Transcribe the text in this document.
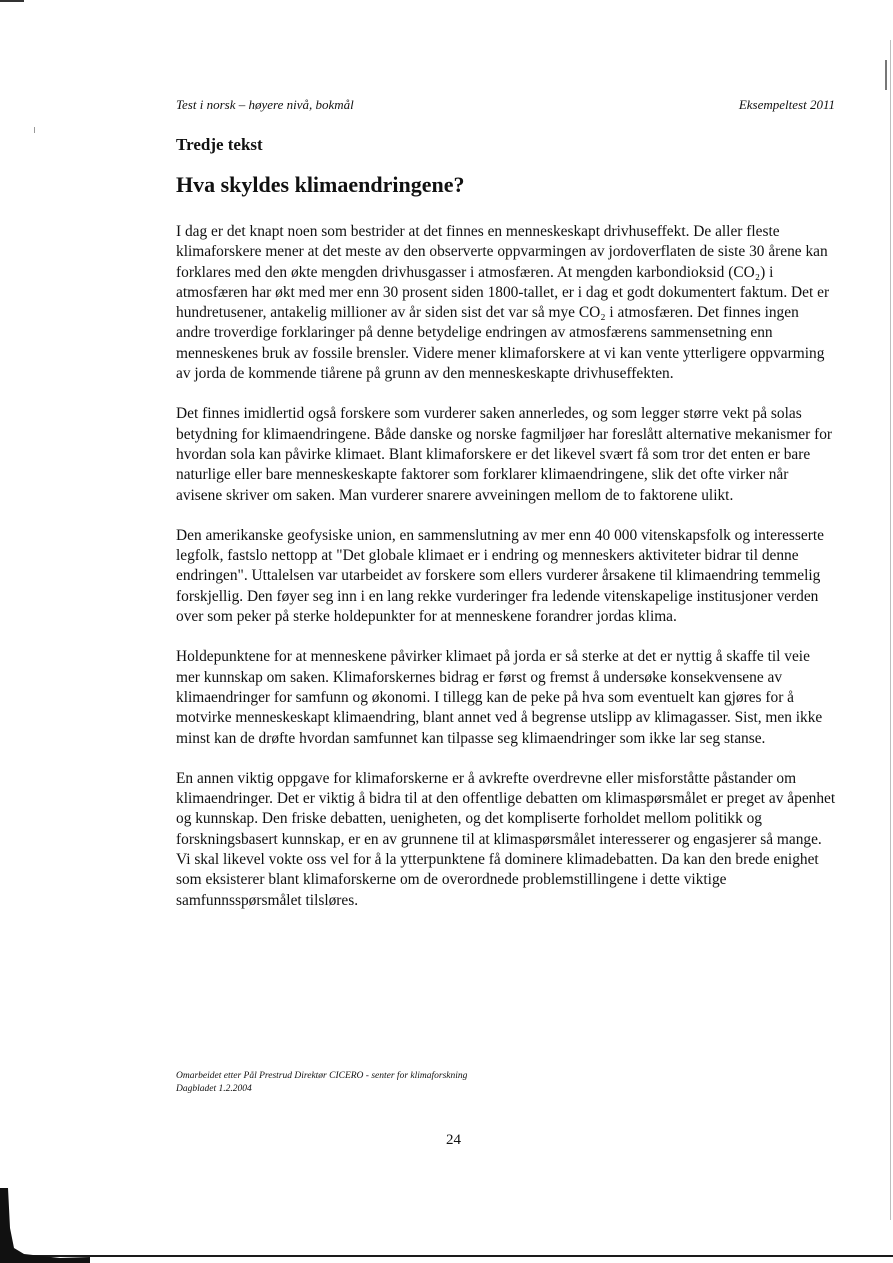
Test i norsk – høyere nivå, bokmål	Eksempeltest 2011
Tredje tekst
Hva skyldes klimaendringene?

I dag er det knapt noen som bestrider at det finnes en menneskeskapt drivhuseffekt. De aller fleste klimaforskere mener at det meste av den observerte oppvarmingen av jordoverflaten de siste 30 årene kan forklares med den økte mengden drivhusgasser i atmosfæren. At mengden karbondioksid (CO₂) i atmosfæren har økt med mer enn 30 prosent siden 1800-tallet, er i dag et godt dokumentert faktum. Det er hundretusener, antakelig millioner av år siden sist det var så mye CO₂ i atmosfæren. Det finnes ingen andre troverdige forklaringer på denne betydelige endringen av atmosfærens sammensetning enn menneskenes bruk av fossile brensler. Videre mener klimaforskere at vi kan vente ytterligere oppvarming av jorda de kommende tiårene på grunn av den menneskeskapte drivhuseffekten.

Det finnes imidlertid også forskere som vurderer saken annerledes, og som legger større vekt på solas betydning for klimaendringene. Både danske og norske fagmiljøer har foreslått alternative mekanismer for hvordan sola kan påvirke klimaet. Blant klimaforskere er det likevel svært få som tror det enten er bare naturlige eller bare menneskeskapte faktorer som forklarer klimaendringene, slik det ofte virker når avisene skriver om saken. Man vurderer snarere avveiningen mellom de to faktorene ulikt.

Den amerikanske geofysiske union, en sammenslutning av mer enn 40 000 vitenskapsfolk og interesserte legfolk, fastslo nettopp at "Det globale klimaet er i endring og menneskers aktiviteter bidrar til denne endringen". Uttalelsen var utarbeidet av forskere som ellers vurderer årsakene til klimaendring temmelig forskjellig. Den føyer seg inn i en lang rekke vurderinger fra ledende vitenskapelige institusjoner verden over som peker på sterke holdepunkter for at menneskene forandrer jordas klima.

Holdepunktene for at menneskene påvirker klimaet på jorda er så sterke at det er nyttig å skaffe til veie mer kunnskap om saken. Klimaforskernes bidrag er først og fremst å undersøke konsekvensene av klimaendringer for samfunn og økonomi. I tillegg kan de peke på hva som eventuelt kan gjøres for å motvirke menneskeskapt klimaendring, blant annet ved å begrense utslipp av klimagasser. Sist, men ikke minst kan de drøfte hvordan samfunnet kan tilpasse seg klimaendringer som ikke lar seg stanse.

En annen viktig oppgave for klimaforskerne er å avkrefte overdrevne eller misforståtte påstander om klimaendringer. Det er viktig å bidra til at den offentlige debatten om klimaspørsmålet er preget av åpenhet og kunnskap. Den friske debatten, uenigheten, og det kompliserte forholdet mellom politikk og forskningsbasert kunnskap, er en av grunnene til at klimaspørsmålet interesserer og engasjerer så mange. Vi skal likevel vokte oss vel for å la ytterpunktene få dominere klimadebatten. Da kan den brede enighet som eksisterer blant klimaforskerne om de overordnede problemstillingene i dette viktige samfunnsspørsmålet tilsløres.

Omarbeidet etter Pål Prestrud Direktør CICERO - senter for klimaforskning
Dagbladet 1.2.2004
24
